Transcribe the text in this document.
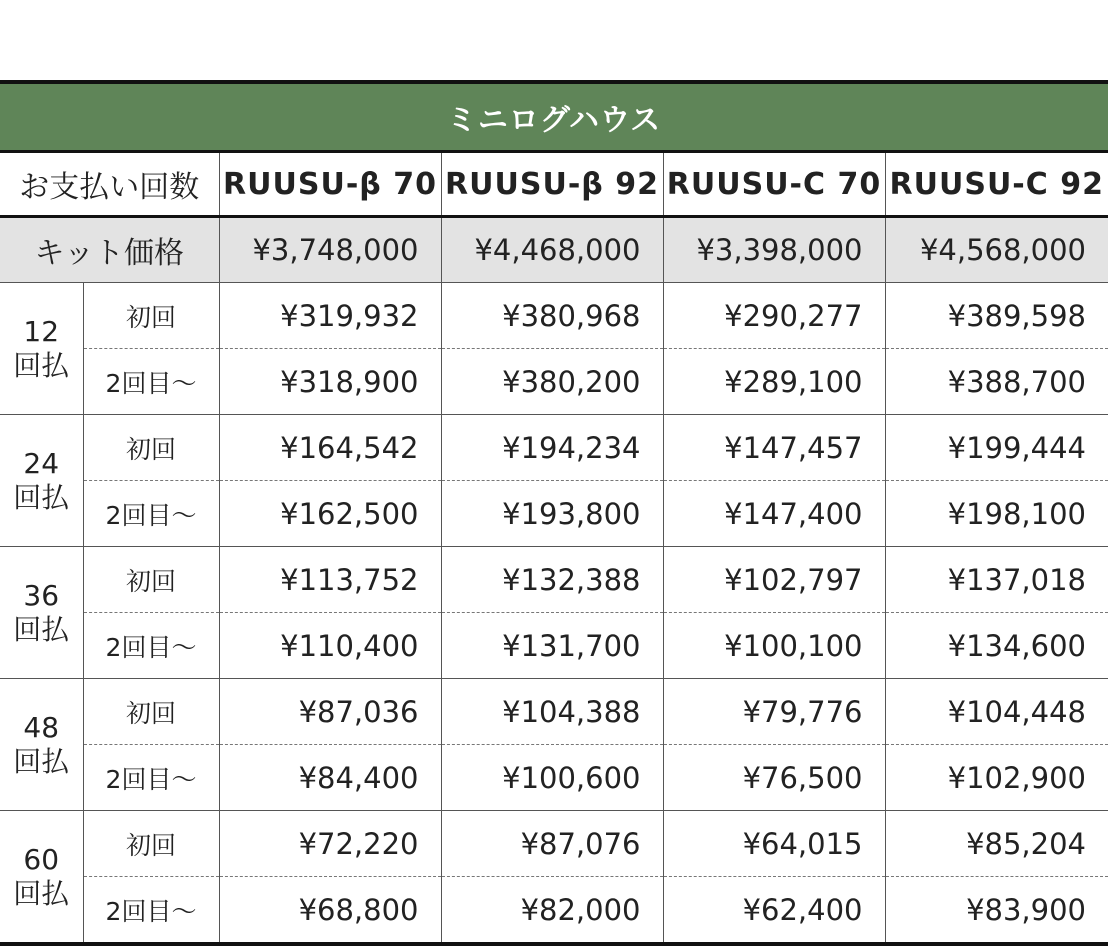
ミニログハウス					
お支払い回数		RUUSU-β 70	RUUSU-β 92	RUUSU-C 70	RUUSU-C 92
キット価格		¥3,748,000	¥4,468,000	¥3,398,000	¥4,568,000
12
回払	初回	¥319,932	¥380,968	¥290,277	¥389,598
	2回目〜	¥318,900	¥380,200	¥289,100	¥388,700
24
回払	初回	¥164,542	¥194,234	¥147,457	¥199,444
	2回目〜	¥162,500	¥193,800	¥147,400	¥198,100
36
回払	初回	¥113,752	¥132,388	¥102,797	¥137,018
	2回目〜	¥110,400	¥131,700	¥100,100	¥134,600
48
回払	初回	¥87,036	¥104,388	¥79,776	¥104,448
	2回目〜	¥84,400	¥100,600	¥76,500	¥102,900
60
回払	初回	¥72,220	¥87,076	¥64,015	¥85,204
	2回目〜	¥68,800	¥82,000	¥62,400	¥83,900
